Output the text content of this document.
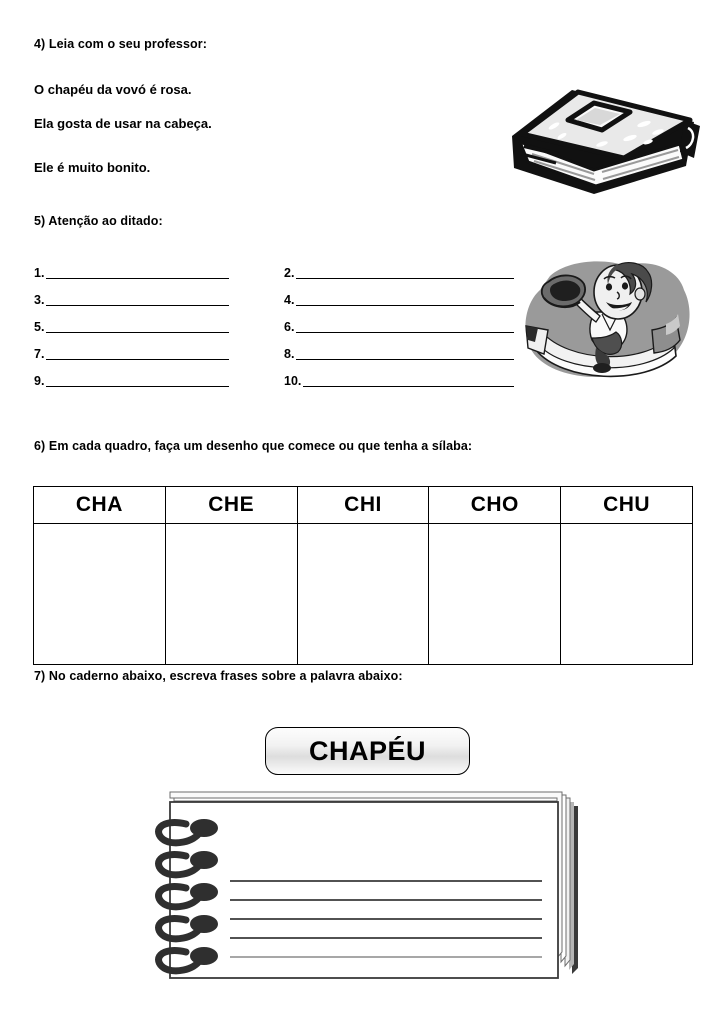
4) Leia com o seu professor:
O chapéu da vovó é rosa.
Ela gosta de usar na cabeça.
Ele é muito bonito.
5) Atenção ao ditado:
1.
3.
5.
7.
9.
2.
4.
6.
8.
10.
6) Em cada quadro, faça um desenho que comece ou que tenha a sílaba:
CHA	CHE	CHI	CHO	CHU

7) No caderno abaixo, escreva frases sobre a palavra abaixo:
CHAPÉU
